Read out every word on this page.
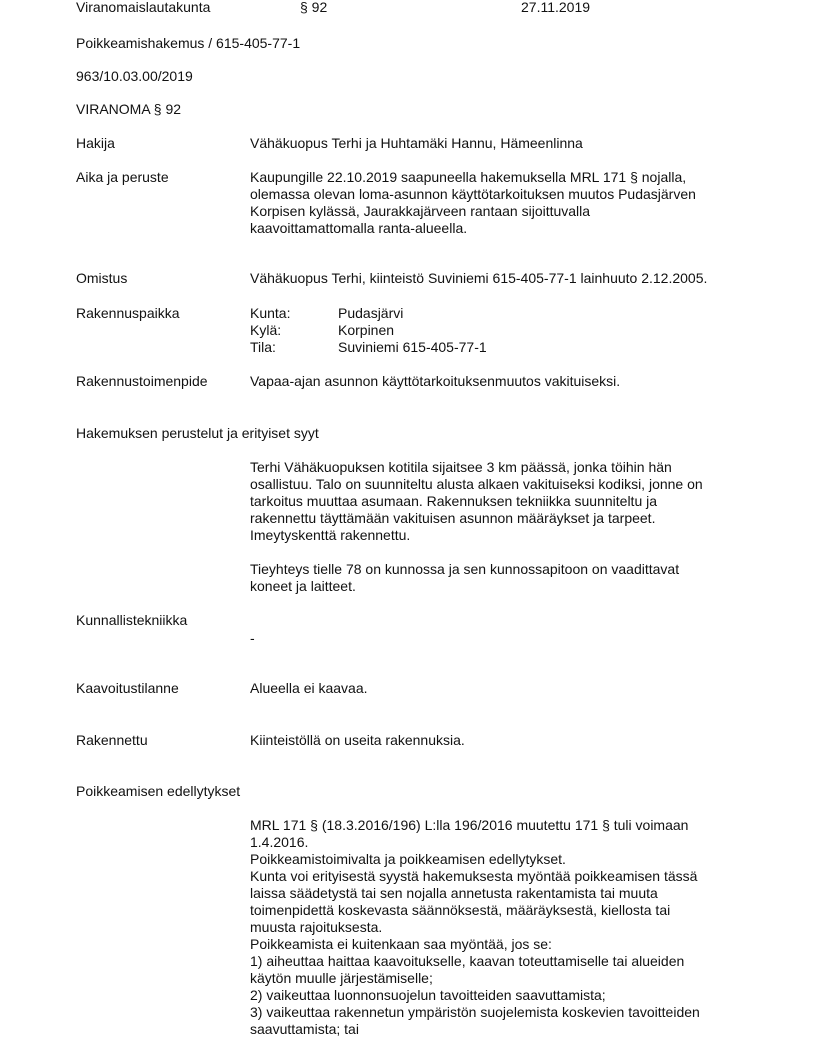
Viranomaislautakunta	§ 92	27.11.2019
Poikkeamishakemus / 615-405-77-1
963/10.03.00/2019
VIRANOMA § 92
Hakija	Vähäkuopus Terhi ja Huhtamäki Hannu, Hämeenlinna
Aika ja peruste	Kaupungille 22.10.2019 saapuneella hakemuksella MRL 171 § nojalla,
olemassa olevan loma-asunnon käyttötarkoituksen muutos Pudasjärven
Korpisen kylässä, Jaurakkajärveen rantaan sijoittuvalla
kaavoittamattomalla ranta-alueella.
Omistus	Vähäkuopus Terhi, kiinteistö Suviniemi 615-405-77-1 lainhuuto 2.12.2005.
Rakennuspaikka	Kunta:	Pudasjärvi
Kylä:	Korpinen
Tila:	Suviniemi 615-405-77-1
Rakennustoimenpide	Vapaa-ajan asunnon käyttötarkoituksenmuutos vakituiseksi.
Hakemuksen perustelut ja erityiset syyt
Terhi Vähäkuopuksen kotitila sijaitsee 3 km päässä, jonka töihin hän
osallistuu. Talo on suunniteltu alusta alkaen vakituiseksi kodiksi, jonne on
tarkoitus muuttaa asumaan. Rakennuksen tekniikka suunniteltu ja
rakennettu täyttämään vakituisen asunnon määräykset ja tarpeet.
Imeytyskenttä rakennettu.
Tieyhteys tielle 78 on kunnossa ja sen kunnossapitoon on vaadittavat
koneet ja laitteet.
Kunnallistekniikka
-
Kaavoitustilanne	Alueella ei kaavaa.
Rakennettu	Kiinteistöllä on useita rakennuksia.
Poikkeamisen edellytykset
MRL 171 § (18.3.2016/196) L:lla 196/2016 muutettu 171 § tuli voimaan
1.4.2016.
Poikkeamistoimivalta ja poikkeamisen edellytykset.
Kunta voi erityisestä syystä hakemuksesta myöntää poikkeamisen tässä
laissa säädetystä tai sen nojalla annetusta rakentamista tai muuta
toimenpidettä koskevasta säännöksestä, määräyksestä, kiellosta tai
muusta rajoituksesta.
Poikkeamista ei kuitenkaan saa myöntää, jos se:
1) aiheuttaa haittaa kaavoitukselle, kaavan toteuttamiselle tai alueiden
käytön muulle järjestämiselle;
2) vaikeuttaa luonnonsuojelun tavoitteiden saavuttamista;
3) vaikeuttaa rakennetun ympäristön suojelemista koskevien tavoitteiden
saavuttamista; tai
